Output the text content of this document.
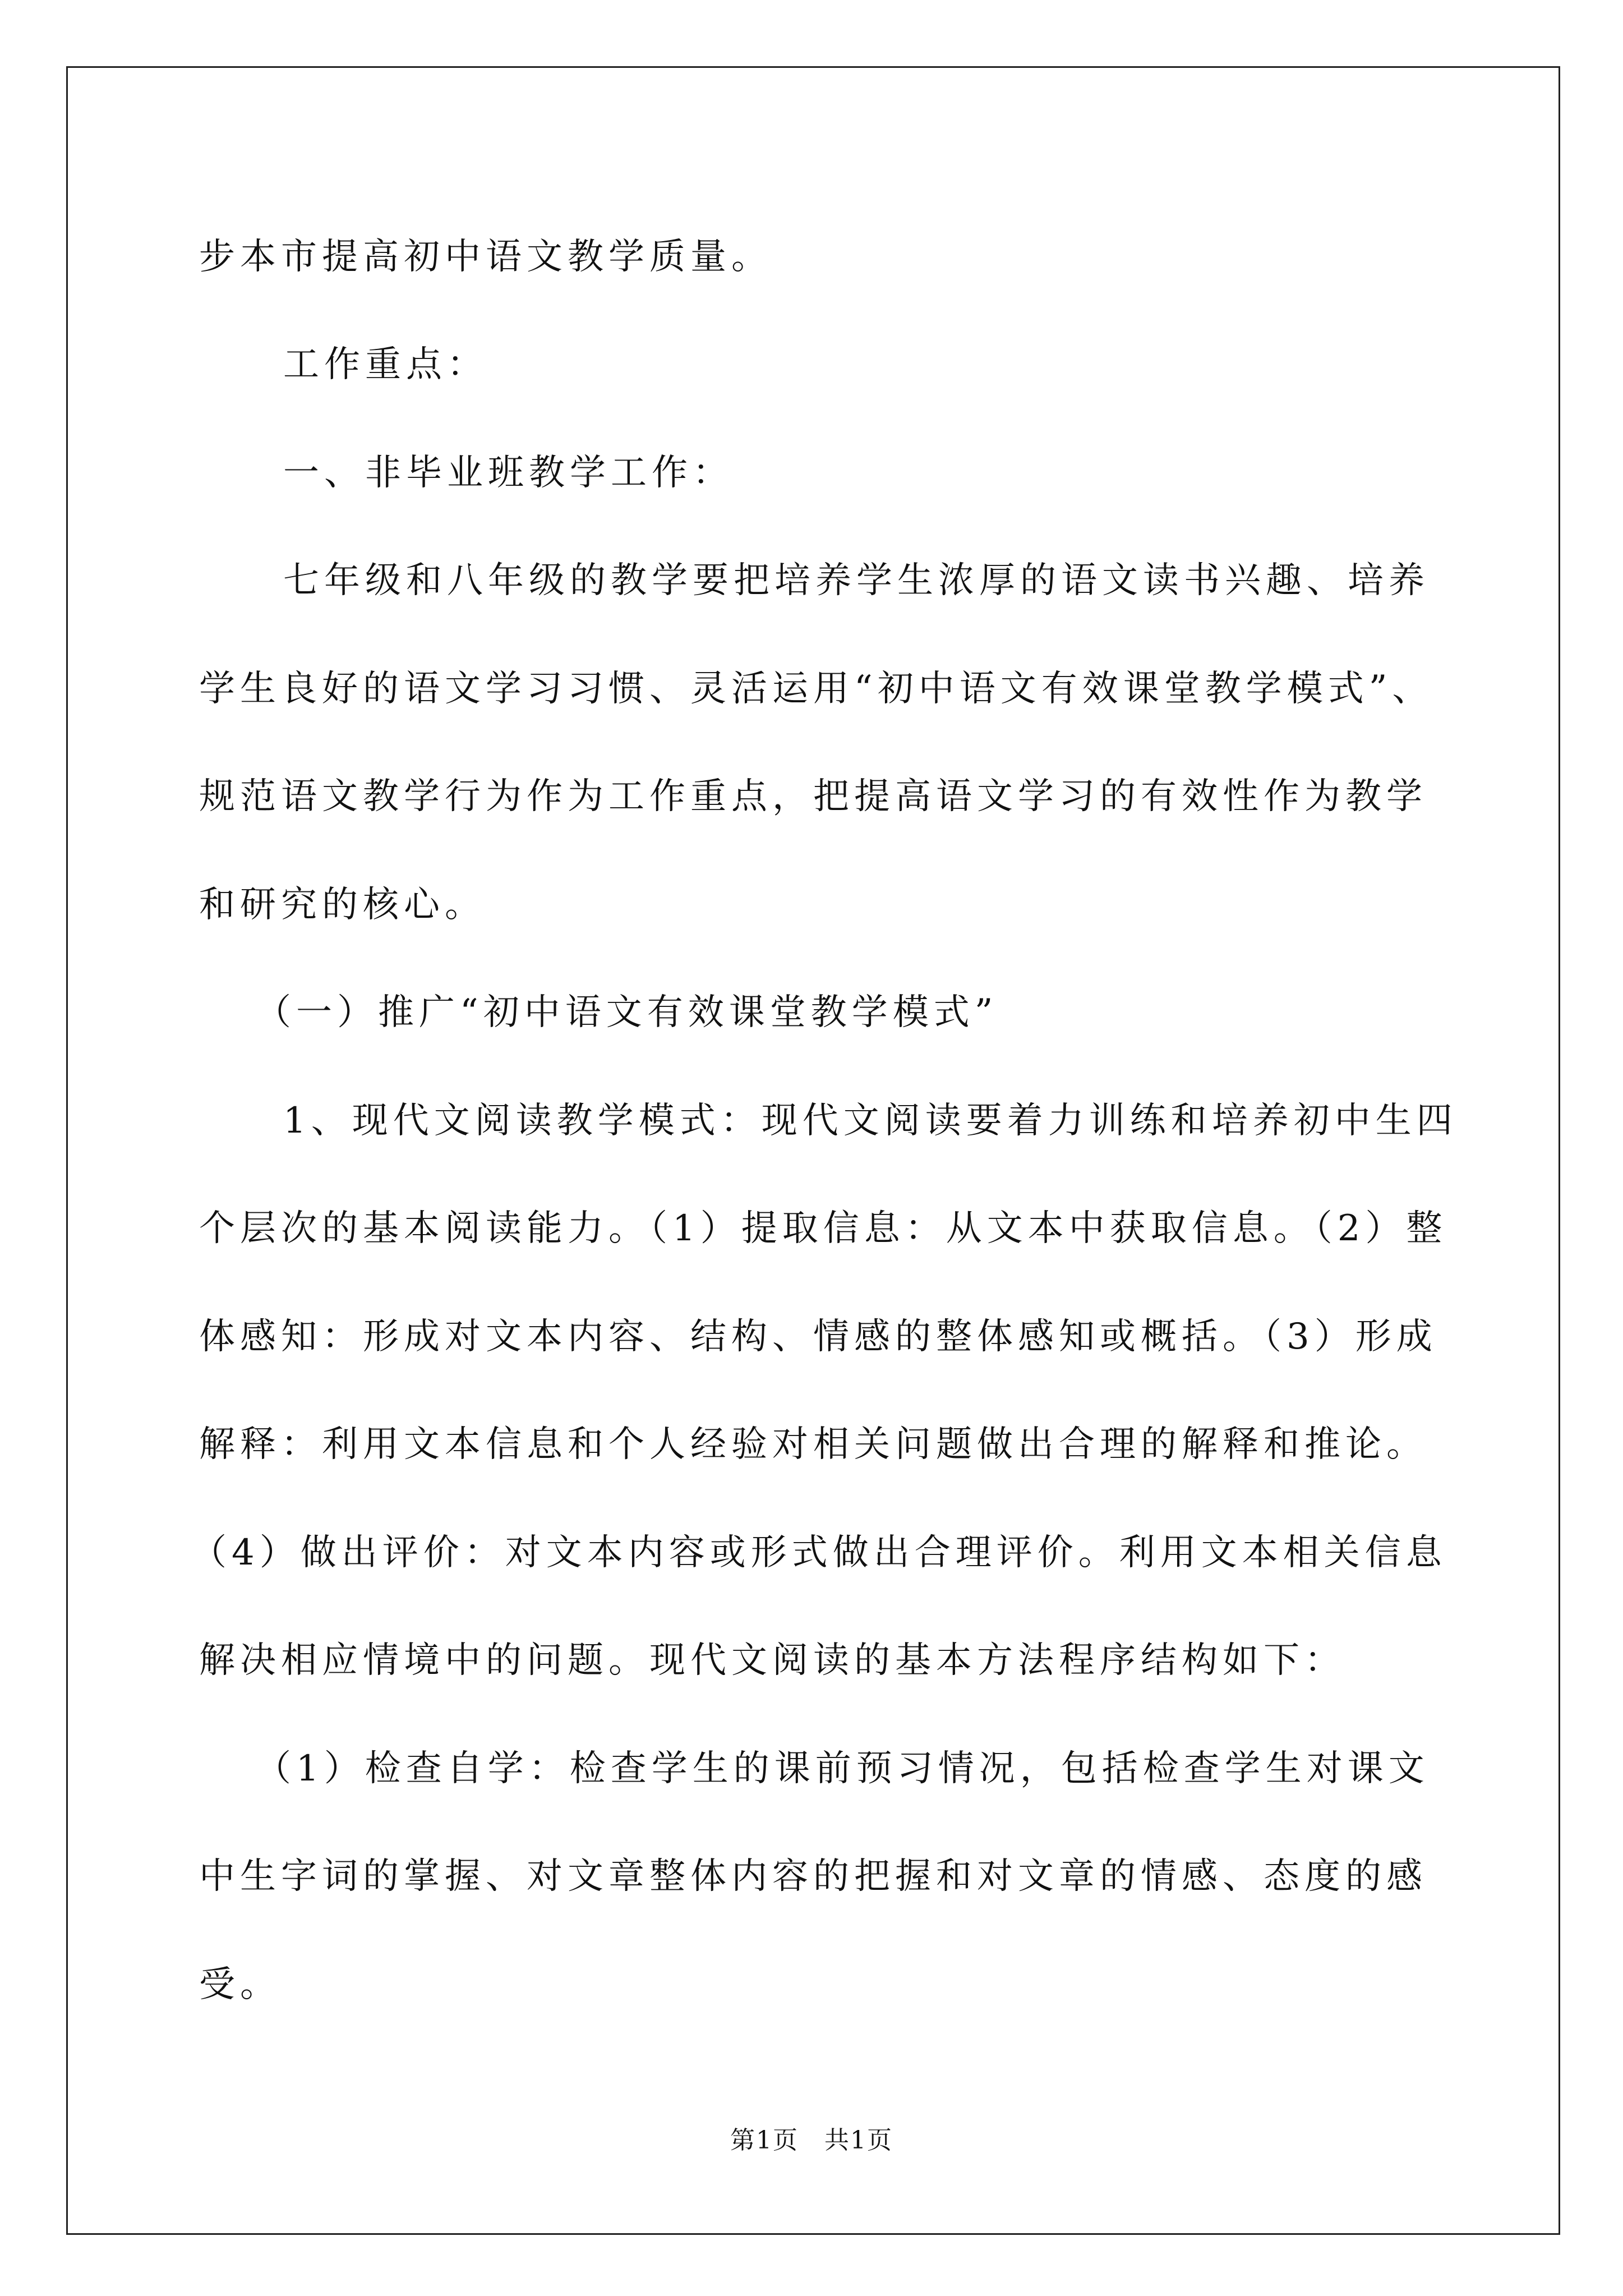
步本市提高初中语文教学质量。
工作重点：
一、非毕业班教学工作：
七年级和八年级的教学要把培养学生浓厚的语文读书兴趣、培养
学生良好的语文学习习惯、灵活运用“初中语文有效课堂教学模式”、
规范语文教学行为作为工作重点，把提高语文学习的有效性作为教学
和研究的核心。
（一）推广“初中语文有效课堂教学模式”
1、现代文阅读教学模式：现代文阅读要着力训练和培养初中生四
个层次的基本阅读能力。（1）提取信息：从文本中获取信息。（2）整
体感知：形成对文本内容、结构、情感的整体感知或概括。（3）形成
解释：利用文本信息和个人经验对相关问题做出合理的解释和推论。
（4）做出评价：对文本内容或形式做出合理评价。利用文本相关信息
解决相应情境中的问题。现代文阅读的基本方法程序结构如下：
（1）检查自学：检查学生的课前预习情况，包括检查学生对课文
中生字词的掌握、对文章整体内容的把握和对文章的情感、态度的感
受。
第1页　共1页
